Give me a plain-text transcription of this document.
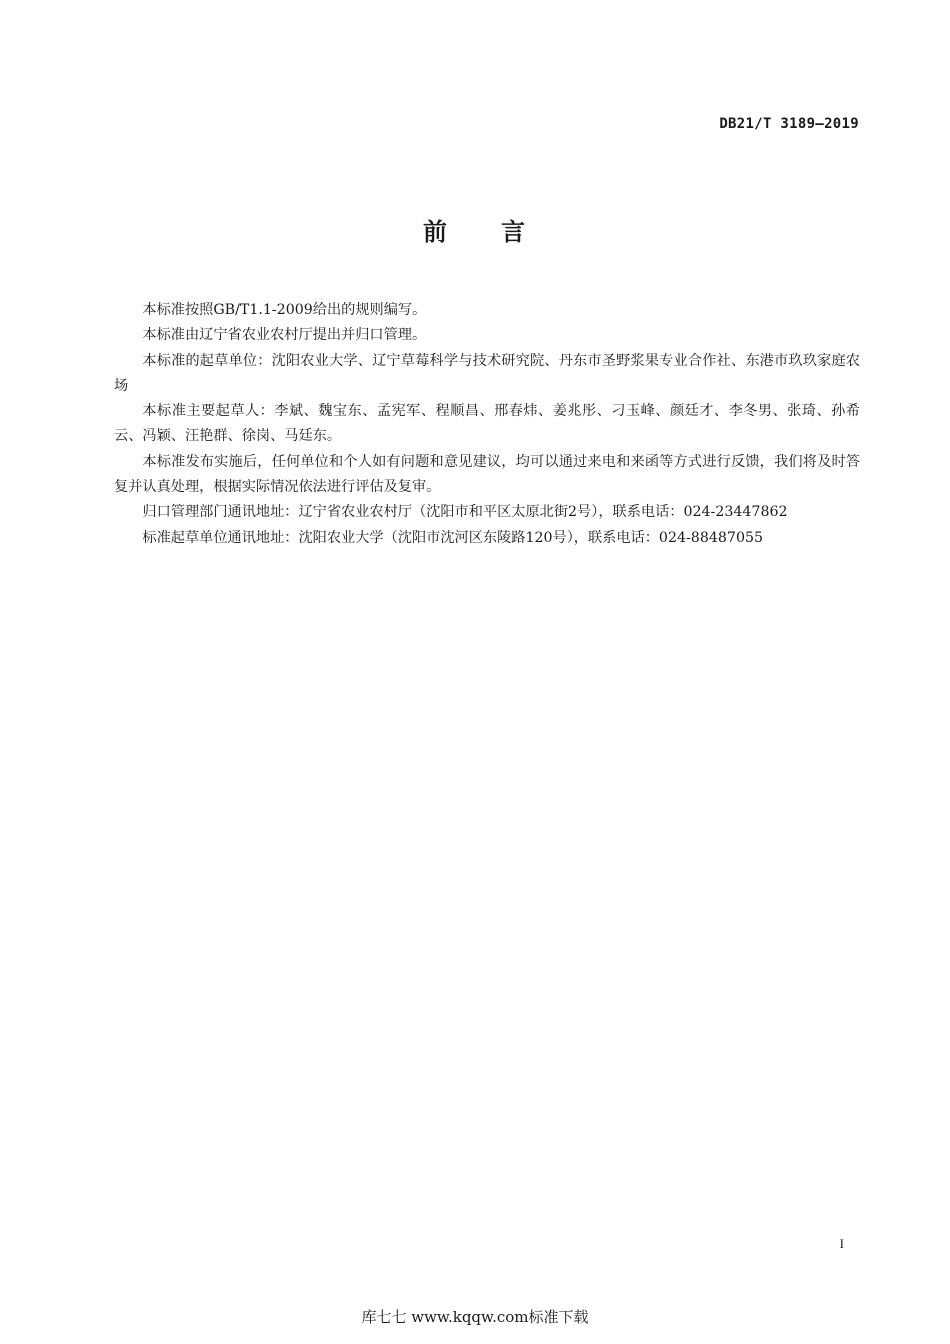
DB21/T 3189—2019
前　　言

本标准按照GB/T1.1-2009给出的规则编写。

本标准由辽宁省农业农村厅提出并归口管理。

本标准的起草单位：沈阳农业大学、辽宁草莓科学与技术研究院、丹东市圣野浆果专业合作社、东港市玖玖家庭农场

本标准主要起草人：李斌、魏宝东、孟宪军、程顺昌、邢春炜、姜兆彤、刁玉峰、颜廷才、李冬男、张琦、孙希云、冯颖、汪艳群、徐岗、马廷东。

本标准发布实施后，任何单位和个人如有问题和意见建议，均可以通过来电和来函等方式进行反馈，我们将及时答复并认真处理，根据实际情况依法进行评估及复审。

归口管理部门通讯地址：辽宁省农业农村厅（沈阳市和平区太原北街2号），联系电话：024-23447862

标准起草单位通讯地址：沈阳农业大学（沈阳市沈河区东陵路120号），联系电话：024-88487055

I
库七七 www.kqqw.com标准下载
